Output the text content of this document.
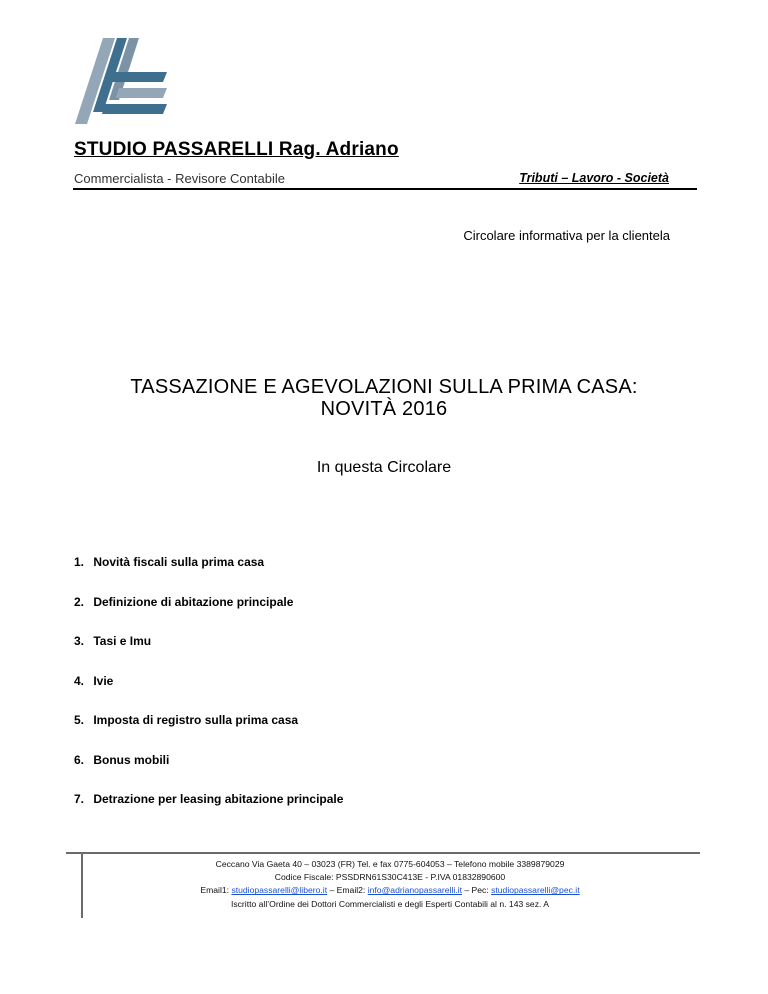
STUDIO PASSARELLI Rag. Adriano
Commercialista - Revisore Contabile	Tributi – Lavoro - Società
Circolare informativa per la clientela
TASSAZIONE E AGEVOLAZIONI SULLA PRIMA CASA:
NOVITÀ 2016
In questa Circolare
1. Novità fiscali sulla prima casa
2. Definizione di abitazione principale
3. Tasi e Imu
4. Ivie
5. Imposta di registro sulla prima casa
6. Bonus mobili
7. Detrazione per leasing abitazione principale
Ceccano Via Gaeta 40 – 03023 (FR) Tel. e fax 0775-604053 – Telefono mobile 3389879029
Codice Fiscale: PSSDRN61S30C413E - P.IVA 01832890600
Email1: studiopassarelli@libero.it – Email2: info@adrianopassarelli.it – Pec: studiopassarelli@pec.it
Iscritto all’Ordine dei Dottori Commercialisti e degli Esperti Contabili al n. 143 sez. A
